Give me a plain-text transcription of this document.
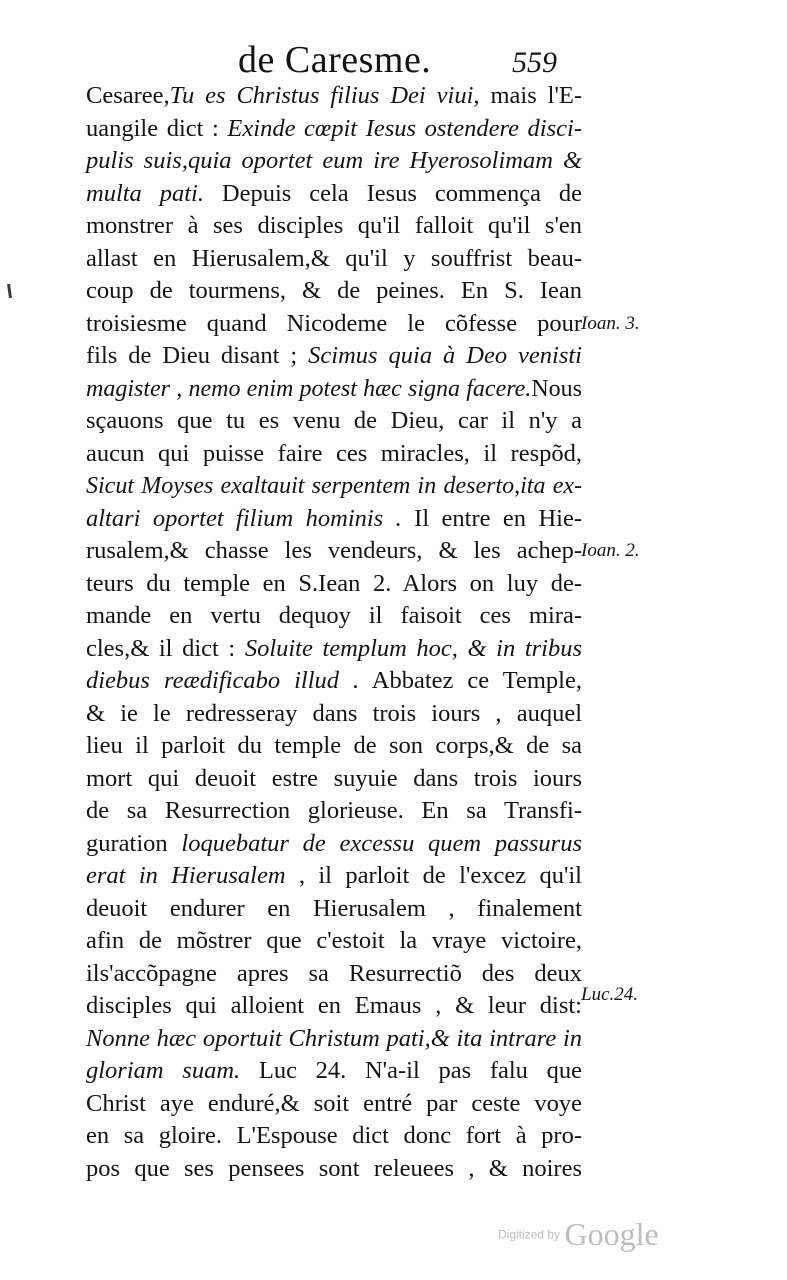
de Caresme.	559
Cesaree,Tu es Christus filius Dei viui, mais l'E-
uangile dict : Exinde cœpit Iesus ostendere disci-
pulis suis,quia oportet eum ire Hyerosolimam &
multa pati. Depuis cela Iesus commença de
monstrer à ses disciples qu'il falloit qu'il s'en
allast en Hierusalem,& qu'il y souffrist beau-
coup de tourmens, & de peines. En S. Iean
troisiesme quand Nicodeme le cõfesse pour
fils de Dieu disant ; Scimus quia à Deo venisti
magister , nemo enim potest hæc signa facere.Nous
sçauons que tu es venu de Dieu, car il n'y a
aucun qui puisse faire ces miracles, il respõd,
Sicut Moyses exaltauit serpentem in deserto,ita ex-
altari oportet filium hominis . Il entre en Hie-
rusalem,& chasse les vendeurs, & les achep-
teurs du temple en S.Iean 2. Alors on luy de-
mande en vertu dequoy il faisoit ces mira-
cles,& il dict : Soluite templum hoc, & in tribus
diebus reædificabo illud . Abbatez ce Temple,
& ie le redresseray dans trois iours , auquel
lieu il parloit du temple de son corps,& de sa
mort qui deuoit estre suyuie dans trois iours
de sa Resurrection glorieuse. En sa Transfi-
guration loquebatur de excessu quem passurus
erat in Hierusalem , il parloit de l'excez qu'il
deuoit endurer en Hierusalem , finalement
afin de mõstrer que c'estoit la vraye victoire,
ils'accõpagne apres sa Resurrectiõ des deux
disciples qui alloient en Emaus , & leur dist:
Nonne hæc oportuit Christum pati,& ita intrare in
gloriam suam. Luc 24. N'a-il pas falu que
Christ aye enduré,& soit entré par ceste voye
en sa gloire. L'Espouse dict donc fort à pro-
pos que ses pensees sont releuees , & noires
Ioan. 3.
Ioan. 2.
Luc.24.
Digitized by Google
